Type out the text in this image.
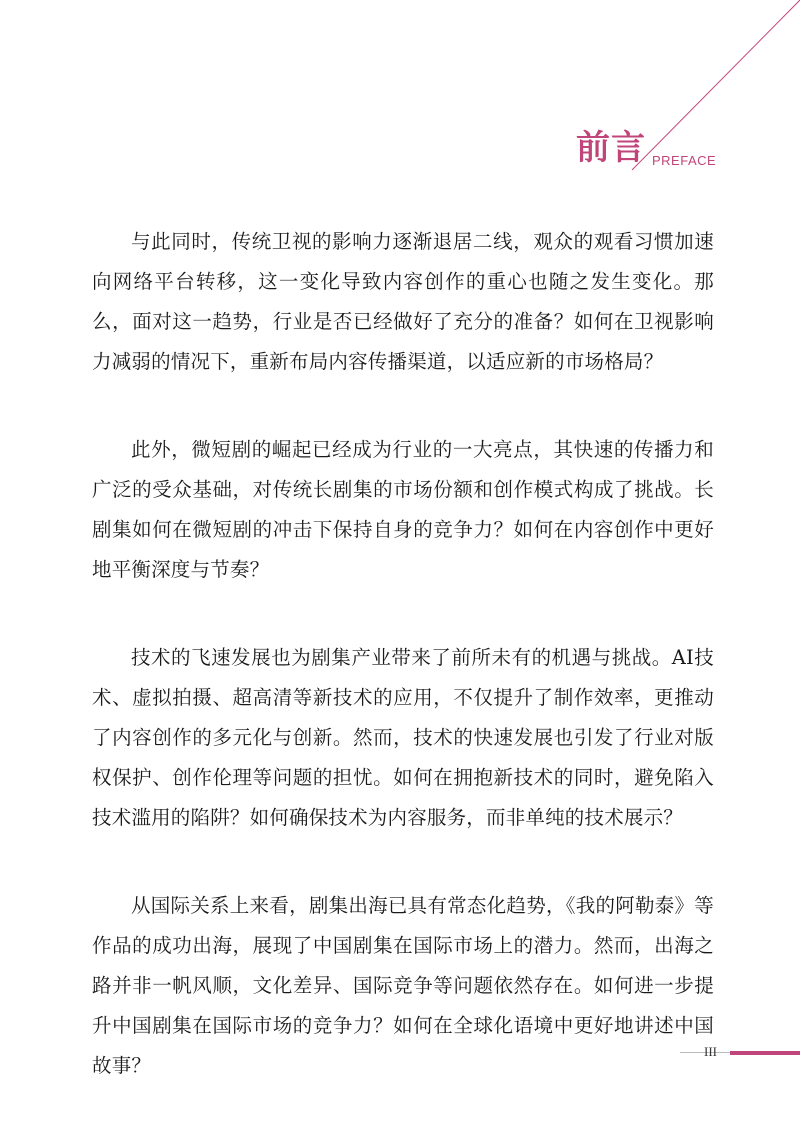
前言 PREFACE

与此同时，传统卫视的影响力逐渐退居二线，观众的观看习惯加速向网络平台转移，这一变化导致内容创作的重心也随之发生变化。那么，面对这一趋势，行业是否已经做好了充分的准备？如何在卫视影响力减弱的情况下，重新布局内容传播渠道，以适应新的市场格局？

此外，微短剧的崛起已经成为行业的一大亮点，其快速的传播力和广泛的受众基础，对传统长剧集的市场份额和创作模式构成了挑战。长剧集如何在微短剧的冲击下保持自身的竞争力？如何在内容创作中更好地平衡深度与节奏？

技术的飞速发展也为剧集产业带来了前所未有的机遇与挑战。AI技术、虚拟拍摄、超高清等新技术的应用，不仅提升了制作效率，更推动了内容创作的多元化与创新。然而，技术的快速发展也引发了行业对版权保护、创作伦理等问题的担忧。如何在拥抱新技术的同时，避免陷入技术滥用的陷阱？如何确保技术为内容服务，而非单纯的技术展示？

从国际关系上来看，剧集出海已具有常态化趋势，《我的阿勒泰》等作品的成功出海，展现了中国剧集在国际市场上的潜力。然而，出海之路并非一帆风顺，文化差异、国际竞争等问题依然存在。如何进一步提升中国剧集在国际市场的竞争力？如何在全球化语境中更好地讲述中国故事？

III
